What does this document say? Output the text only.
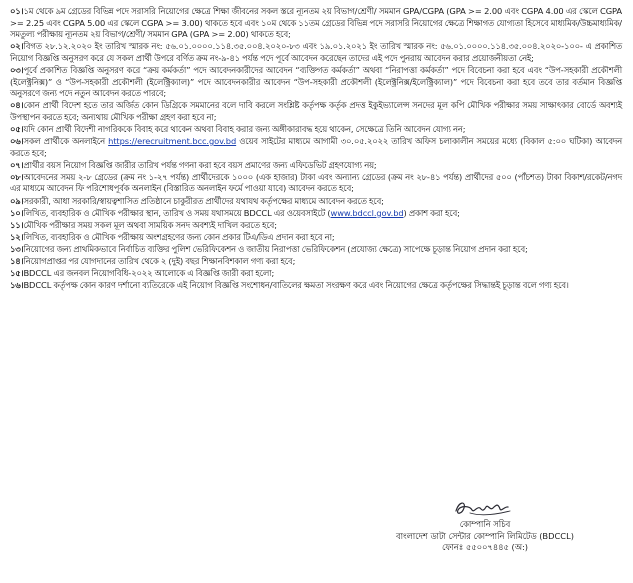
০১।১ম থেকে ৯ম গ্রেডের বিভিন্ন পদে সরাসরি নিয়োগের ক্ষেত্রে শিক্ষা জীবনের সকল স্তরে ন্যূনতম ২য় বিভাগ/শ্রেণী/ সমমান GPA/CGPA (GPA >= 2.00 এবং CGPA 4.00 এর স্কেলে CGPA >= 2.25 এবং CGPA 5.00 এর স্কেলে CGPA >= 3.00) থাকতে হবে এবং ১০ম থেকে ১১তম গ্রেডের বিভিন্ন পদে সরাসরি নিয়োগের ক্ষেত্রে শিক্ষাগত যোগ্যতা হিসেবে মাধ্যমিক/উচ্চমাধ্যমিক/সমতুল্য পরীক্ষায় ন্যূনতম ২য় বিভাগ/শ্রেণী/ সমমান GPA (GPA >= 2.00) থাকতে হবে;

০২।বিগত ২৮.১২.২০২০ ইং তারিখ স্মারক নং: ৫৬.০১.০০০০.১১৪.৩৫.০০৪.২০২০-৮৩ এবং ১৯.০১.২০২১ ইং তারিখ স্মারক নং: ৫৬.০১.০০০০.১১৪.৩৫.০০৪.২০২০-১০০- এ প্রকাশিত নিয়োগ বিজ্ঞপ্তি অনুসরণ করে যে সকল প্রার্থী উপরে বর্ণিত ক্রম নং-৯-৪১ পর্যন্ত পদে পূর্বে আবেদন করেছেন তাদের এই পদে পুনরায় আবেদন করার প্রয়োজনীয়তা নেই;

০৩।পূর্বে প্রকাশিত বিজ্ঞপ্তি অনুসরণ করে “ক্রয় কর্মকর্তা” পদে আবেদনকারীদের আবেদন “ব্যক্তিগত কর্মকর্তা” অথবা “নিরাপত্তা কর্মকর্তা” পদে বিবেচনা করা হবে এবং “উপ-সহকারী প্রকৌশলী (ইলেক্ট্রনিক্স)” ও “উপ-সহকারী প্রকৌশলী (ইলেক্ট্রিক্যাল)” পদে আবেদনকারীর আবেদন “উপ-সহকারী প্রকৌশলী (ইলেক্ট্রনিক্স/ইলেক্ট্রিক্যাল)” পদে বিবেচনা করা হবে তবে তার বর্তমান বিজ্ঞপ্তি অনুসরণে জন্য পদে নতুন আবেদন করতে পারবে;

০৪।কোন প্রার্থী বিদেশ হতে তার অর্জিত কোন ডিগ্রিকে সমমানের বলে দাবি করলে সংশ্লিষ্ট কর্তৃপক্ষ কর্তৃক প্রদত্ত ইকুইভ্যালেন্স সনদের মূল কপি মৌখিক পরীক্ষার সময় সাক্ষাৎকার বোর্ডে অবশ্যই উপস্থাপন করতে হবে; অন্যথায় মৌখিক পরীক্ষা গ্রহণ করা হবে না;

০৫।যদি কোন প্রার্থী বিদেশী নাগরিককে বিবাহ করে থাকেন অথবা বিবাহ করার জন্য অঙ্গীকারাবদ্ধ হয়ে থাকেন, সেক্ষেত্রে তিনি আবেদন যোগ্য নন;

০৬।সকল প্রার্থীকে অনলাইনে https://erecruitment.bcc.gov.bd ওয়েব সাইটের মাধ্যমে আগামী ৩০.০৫.২০২২ তারিখ অফিস চলাকালীন সময়ের মধ্যে (বিকাল ৫:০০ ঘটিকা) আবেদন করতে হবে;

০৭।প্রার্থীর বয়স নিয়োগ বিজ্ঞপ্তি জারীর তারিখ পর্যন্ত গণনা করা হবে বয়স প্রমাণের জন্য এফিডেভিট গ্রহণযোগ্য নয়;

০৮।আবেদনের সময় ২-৮ গ্রেডের (ক্রম নং ১-২৭ পর্যন্ত) প্রার্থীদেরকে ১০০০ (এক হাজার) টাকা এবং অন্যান্য গ্রেডের (ক্রম নং ২৮-৪১ পর্যন্ত) প্রার্থীদের ৫০০ (পাঁচশত) টাকা বিকাশ/রকেট/নগদ এর মাধ্যমে আবেদন ফি পরিশোধপূর্বক অনলাইন (বিস্তারিত অনলাইন ফর্মে পাওয়া যাবে) আবেদন করতে হবে;

০৯।সরকারী, আধা সরকারি/স্বায়ত্বশাসিত প্রতিষ্ঠানে চাকুরীরত প্রার্থীদের যথাযথ কর্তৃপক্ষের মাধ্যমে আবেদন করতে হবে;

১০।লিখিত, ব্যবহারিক ও মৌখিক পরীক্ষার স্থান, তারিখ ও সময় যথাসময়ে BDCCL এর ওয়েবসাইটে (www.bdccl.gov.bd) প্রকাশ করা হবে;

১১।মৌখিক পরীক্ষার সময় সকল মূল অথবা সাময়িক সনদ অবশ্যই দাখিল করতে হবে;

১২।লিখিত, ব্যবহারিক ও মৌখিক পরীক্ষায় অংশগ্রহণের জন্য কোন প্রকার টিএ/ডিএ প্রদান করা হবে না;

১৩।নিয়োগের জন্য প্রাথমিকভাবে নির্বাচিত ব্যক্তির পুলিশ ভেরিফিকেশন ও জাতীয় নিরাপত্তা ভেরিফিকেশন (প্রযোজ্য ক্ষেত্রে) সাপেক্ষে চূড়ান্ত নিয়োগ প্রদান করা হবে;

১৪।নিয়োগপ্রাপ্তর পর যোগদানের তারিখ থেকে ২ (দুই) বছর শিক্ষানবিশকাল গণ্য করা হবে;

১৫।BDCCL এর জনবল নিয়োগবিধি-২০২২ আলোকে এ বিজ্ঞপ্তি জারী করা হলো;

১৬।BDCCL কর্তৃপক্ষ কোন কারণ দর্শানো ব্যতিরেকে এই নিয়োগ বিজ্ঞপ্তি সংশোধন/বাতিলের ক্ষমতা সংরক্ষণ করে এবং নিয়োগের ক্ষেত্রে কর্তৃপক্ষের সিদ্ধান্তই চূড়ান্ত বলে গণ্য হবে।

কোম্পানি সচিব
বাংলাদেশ ডাটা সেন্টার কোম্পানি লিমিটেড (BDCCL)
ফোনঃ ৫৫০০৭৪৪৫ (অ:)
